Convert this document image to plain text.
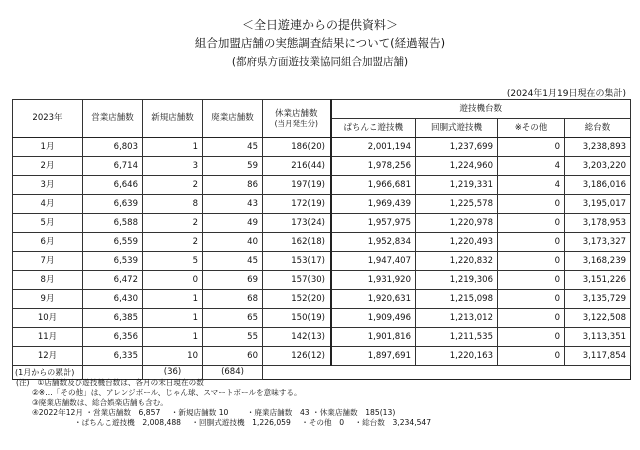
＜全日遊連からの提供資料＞
組合加盟店舗の実態調査結果について(経過報告)
(都府県方面遊技業協同組合加盟店舗)
(2024年1月19日現在の集計)
2023年	営業店舗数	新規店舗数	廃業店舗数	休業店舗数
(当月発生分)	遊技機台数			
					ぱちんこ遊技機	回胴式遊技機	※その他	総台数
1月	6,803	1	45	186(20)	2,001,194	1,237,699	0	3,238,893
2月	6,714	3	59	216(44)	1,978,256	1,224,960	4	3,203,220
3月	6,646	2	86	197(19)	1,966,681	1,219,331	4	3,186,016
4月	6,639	8	43	172(19)	1,969,439	1,225,578	0	3,195,017
5月	6,588	2	49	173(24)	1,957,975	1,220,978	0	3,178,953
6月	6,559	2	40	162(18)	1,952,834	1,220,493	0	3,173,327
7月	6,539	5	45	153(17)	1,947,407	1,220,832	0	3,168,239
8月	6,472	0	69	157(30)	1,931,920	1,219,306	0	3,151,226
9月	6,430	1	68	152(20)	1,920,631	1,215,098	0	3,135,729
10月	6,385	1	65	150(19)	1,909,496	1,213,012	0	3,122,508
11月	6,356	1	55	142(13)	1,901,816	1,211,535	0	3,113,351
12月	6,335	10	60	126(12)	1,897,691	1,220,163	0	3,117,854
(1月からの累計)		(36)	(684)					
(注) ①店舗数及び遊技機台数は、各月の末日現在の数
②※…「その他」は、アレンジボール、じゃん球、スマートボールを意味する。
③廃業店舗数は、総合娯楽店舗も含む。
④2022年12月 ・営業店舗数　6,857 ・新規店舗数 10 ・廃業店舗数　43 ・休業店舗数　185(13)
・ぱちんこ遊技機　2,008,488 ・回胴式遊技機　1,226,059 ・その他　0 ・総台数　3,234,547
